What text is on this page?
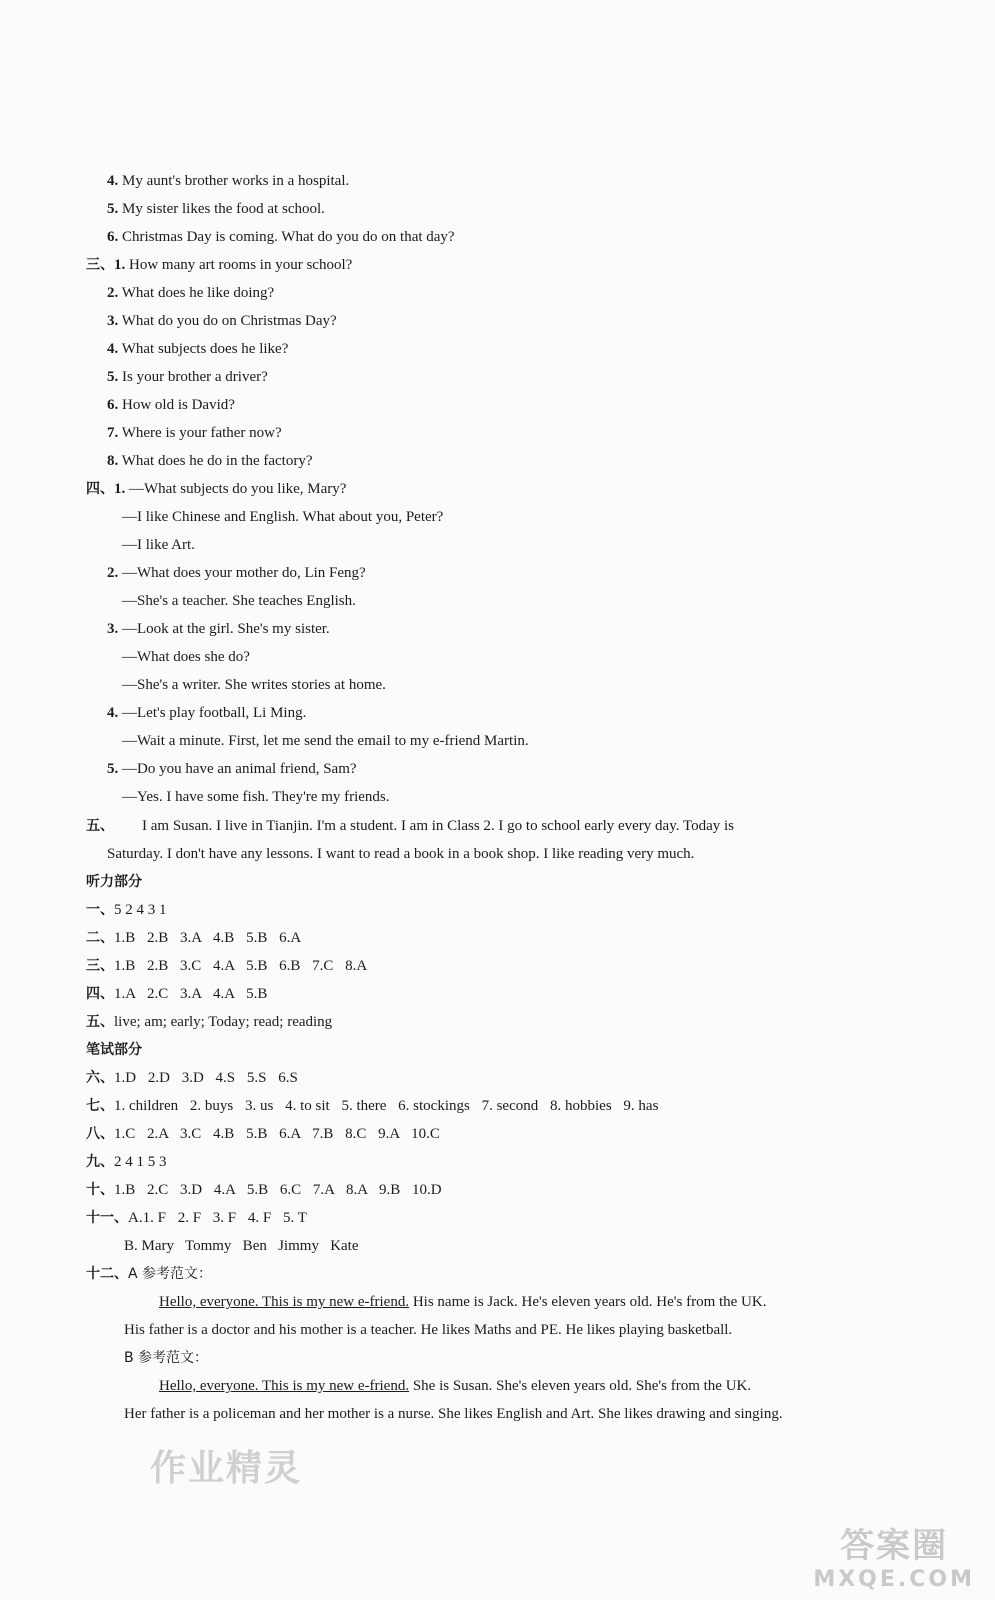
4. My aunt's brother works in a hospital.
5. My sister likes the food at school.
6. Christmas Day is coming. What do you do on that day?
三、1. How many art rooms in your school?
2. What does he like doing?
3. What do you do on Christmas Day?
4. What subjects does he like?
5. Is your brother a driver?
6. How old is David?
7. Where is your father now?
8. What does he do in the factory?
四、1. —What subjects do you like, Mary?
—I like Chinese and English. What about you, Peter?
—I like Art.
2. —What does your mother do, Lin Feng?
—She's a teacher. She teaches English.
3. —Look at the girl. She's my sister.
—What does she do?
—She's a writer. She writes stories at home.
4. —Let's play football, Li Ming.
—Wait a minute. First, let me send the email to my e-friend Martin.
5. —Do you have an animal friend, Sam?
—Yes. I have some fish. They're my friends.
五、 I am Susan. I live in Tianjin. I'm a student. I am in Class 2. I go to school early every day. Today is
Saturday. I don't have any lessons. I want to read a book in a book shop. I like reading very much.
听力部分
一、5 2 4 3 1
二、1.B 2.B 3.A 4.B 5.B 6.A
三、1.B 2.B 3.C 4.A 5.B 6.B 7.C 8.A
四、1.A 2.C 3.A 4.A 5.B
五、live; am; early; Today; read; reading
笔试部分
六、1.D 2.D 3.D 4.S 5.S 6.S
七、1. children 2. buys 3. us 4. to sit 5. there 6. stockings 7. second 8. hobbies 9. has
八、1.C 2.A 3.C 4.B 5.B 6.A 7.B 8.C 9.A 10.C
九、2 4 1 5 3
十、1.B 2.C 3.D 4.A 5.B 6.C 7.A 8.A 9.B 10.D
十一、A.1. F 2. F 3. F 4. F 5. T
B. Mary   Tommy   Ben   Jimmy   Kate
十二、A 参考范文：
Hello, everyone. This is my new e-friend. His name is Jack. He's eleven years old. He's from the UK.
His father is a doctor and his mother is a teacher. He likes Maths and PE. He likes playing basketball.
B 参考范文：
Hello, everyone. This is my new e-friend. She is Susan. She's eleven years old. She's from the UK.
Her father is a policeman and her mother is a nurse. She likes English and Art. She likes drawing and singing.
作业精灵
答案圈
MXQE.COM
